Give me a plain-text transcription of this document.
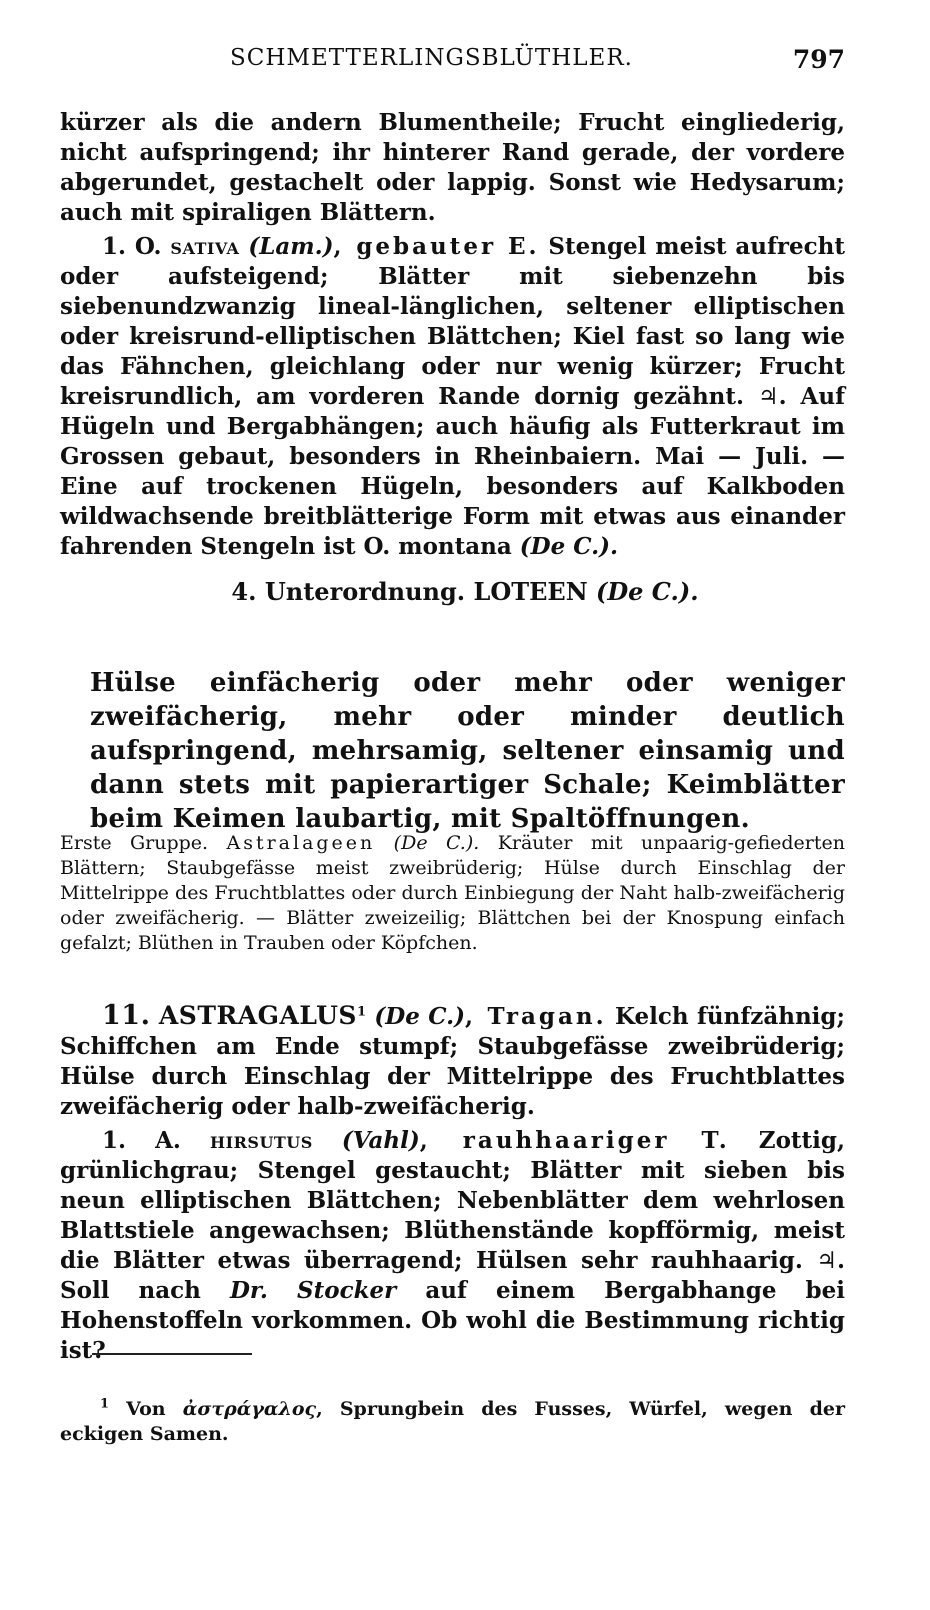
SCHMETTERLINGSBLÜTHLER.	797

kürzer als die andern Blumentheile; Frucht eingliederig, nicht aufspringend; ihr hinterer Rand gerade, der vordere abgerundet, gestachelt oder lappig. Sonst wie Hedysarum; auch mit spiraligen Blättern.

1. O. sativa (Lam.), gebauter E. Stengel meist aufrecht oder aufsteigend; Blätter mit siebenzehn bis siebenundzwanzig lineal-länglichen, seltener elliptischen oder kreisrund-elliptischen Blättchen; Kiel fast so lang wie das Fähnchen, gleichlang oder nur wenig kürzer; Frucht kreisrundlich, am vorderen Rande dornig gezähnt. ♃. Auf Hügeln und Bergabhängen; auch häufig als Futterkraut im Grossen gebaut, besonders in Rheinbaiern. Mai — Juli. — Eine auf trockenen Hügeln, besonders auf Kalkboden wildwachsende breitblätterige Form mit etwas aus einander fahrenden Stengeln ist O. montana (De C.).

4. Unterordnung. LOTEEN (De C.).

Hülse einfächerig oder mehr oder weniger zweifächerig, mehr oder minder deutlich aufspringend, mehrsamig, seltener einsamig und dann stets mit papierartiger Schale; Keimblätter beim Keimen laubartig, mit Spaltöffnungen.

Erste Gruppe. Astralageen (De C.). Kräuter mit unpaarig-gefiederten Blättern; Staubgefässe meist zweibrüderig; Hülse durch Einschlag der Mittelrippe des Fruchtblattes oder durch Einbiegung der Naht halb-zweifächerig oder zweifächerig. — Blätter zweizeilig; Blättchen bei der Knospung einfach gefalzt; Blüthen in Trauben oder Köpfchen.

11. ASTRAGALUS$^1$ (De C.), Tragan. Kelch fünfzähnig; Schiffchen am Ende stumpf; Staubgefässe zweibrüderig; Hülse durch Einschlag der Mittelrippe des Fruchtblattes zweifächerig oder halb-zweifächerig.

1. A. hirsutus (Vahl), rauhhaariger T. Zottig, grünlichgrau; Stengel gestaucht; Blätter mit sieben bis neun elliptischen Blättchen; Nebenblätter dem wehrlosen Blattstiele angewachsen; Blüthenstände kopfförmig, meist die Blätter etwas überragend; Hülsen sehr rauhhaarig. ♃. Soll nach Dr. Stocker auf einem Bergabhange bei Hohenstoffeln vorkommen. Ob wohl die Bestimmung richtig ist?

$^1$ Von ἀστράγαλος, Sprungbein des Fusses, Würfel, wegen der eckigen Samen.
